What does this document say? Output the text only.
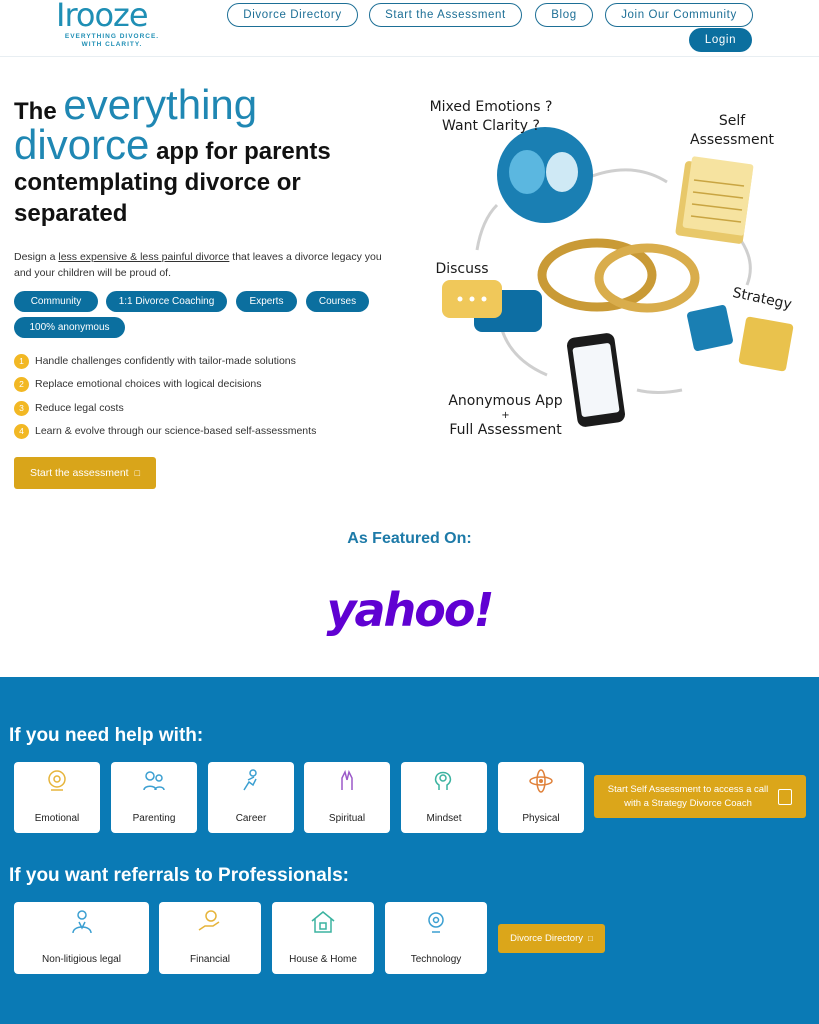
Irooze
EVERYTHING DIVORCE. WITH CLARITY.
Divorce Directory	Start the Assessment	Blog	Join Our Community
Login
The everything
divorce app for parents
contemplating divorce or
separated
Design a less expensive & less painful divorce that leaves a divorce legacy you and your children will be proud of.
Community	1:1 Divorce Coaching	Experts	Courses
100% anonymous
1	Handle challenges confidently with tailor-made solutions
2	Replace emotional choices with logical decisions
3	Reduce legal costs
4	Learn & evolve through our science-based self-assessments
Start the assessment □
Mixed Emotions ?
Want Clarity ?	Self
Assessment
Discuss
Strategy
Anonymous App
+
Full Assessment
As Featured On:
yahoo!
If you need help with:
Emotional	Parenting	Career	Spiritual	Mindset	Physical
Start Self Assessment to access a call
with a Strategy Divorce Coach
If you want referrals to Professionals:
Non-litigious legal	Financial	House & Home	Technology
Divorce Directory □
